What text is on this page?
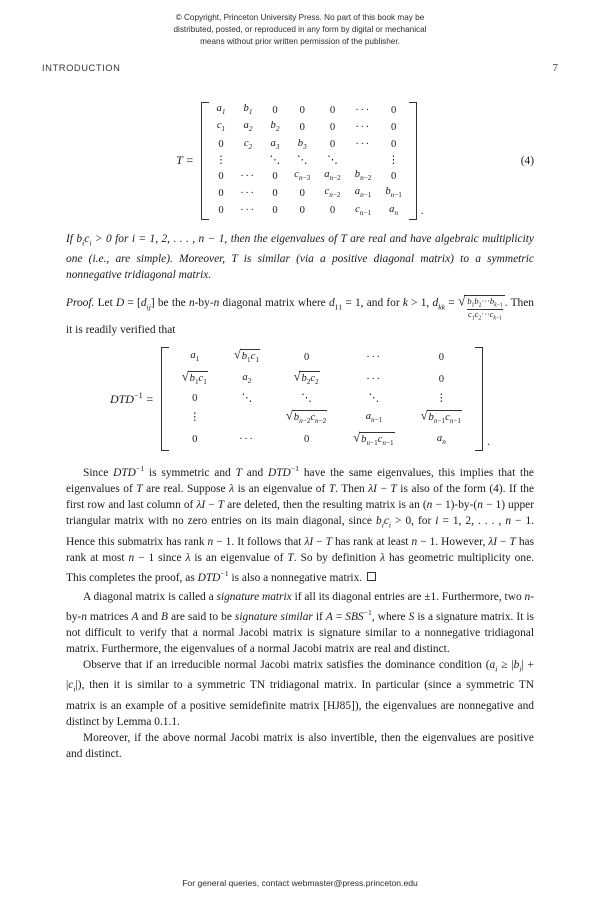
© Copyright, Princeton University Press. No part of this book may be
distributed, posted, or reproduced in any form by digital or mechanical
means without prior written permission of the publisher.
INTRODUCTION	7
T =
$a_1$	$b_1$	0	0	0	···	0
$c_1$	$a_2$	$b_2$	0	0	···	0
0	$c_2$	$a_3$	$b_3$	0	···	0
⋮		⋱	⋱	⋱		⋮
0	···	0	$c_{n-3}$	$a_{n-2}$	$b_{n-2}$	0
0	···	0	0	$c_{n-2}$	$a_{n-1}$	$b_{n-1}$
0	···	0	0	0	$c_{n-1}$	$a_n$	.
(4)

If $b_ic_i > 0$ for i = 1, 2, . . . , n − 1, then the eigenvalues of T are real and have algebraic multiplicity one (i.e., are simple). Moreover, T is similar (via a positive diagonal matrix) to a symmetric nonnegative tridiagonal matrix.

Proof. Let $D = [d_{ij}]$ be the n-by-n diagonal matrix where $d_{11} = 1$, and for k > 1, $d_{kk}$ = √ $\frac{b_1b_2\cdot\cdot\cdot b_{k-1}}{c_1c_2\cdot\cdot\cdot c_{k-1}}$ . Then it is readily verified that

$DTD^{-1}$ =
$a_1$	√ $b_1c_1$	0	···	0

√ $b_1c_1$	$a_2$	√ $b_2c_2$	···	0
0	⋱	⋱	⋱	⋮
⋮		√ $b_{n-2}c_{n-2}$	$a_{n-1}$	√ $b_{n-1}c_{n-1}$

0	···	0	√ $b_{n-1}c_{n-1}$	$a_n$	.

Since $DTD^{-1}$ is symmetric and T and $DTD^{-1}$ have the same eigenvalues, this implies that the eigenvalues of T are real. Suppose λ is an eigenvalue of T. Then λI − T is also of the form (4). If the first row and last column of λI − T are deleted, then the resulting matrix is an (n − 1)-by-(n − 1) upper triangular matrix with no zero entries on its main diagonal, since $b_ic_i > 0$, for i = 1, 2, . . . , n − 1. Hence this submatrix has rank n − 1. It follows that λI − T has rank at least n − 1. However, λI − T has rank at most n − 1 since λ is an eigenvalue of T. So by definition λ has geometric multiplicity one. This completes the proof, as $DTD^{-1}$ is also a nonnegative matrix.

A diagonal matrix is called a signature matrix if all its diagonal entries are ±1. Furthermore, two n-by-n matrices A and B are said to be signature similar if $A = SBS^{-1}$, where S is a signature matrix. It is not difficult to verify that a normal Jacobi matrix is signature similar to a nonnegative tridiagonal matrix. Furthermore, the eigenvalues of a normal Jacobi matrix are real and distinct.

Observe that if an irreducible normal Jacobi matrix satisfies the dominance condition $(a_i \ge |b_i| + |c_i|)$, then it is similar to a symmetric TN tridiagonal matrix. In particular (since a symmetric TN matrix is an example of a positive semidefinite matrix [HJ85]), the eigenvalues are nonnegative and distinct by Lemma 0.1.1.

Moreover, if the above normal Jacobi matrix is also invertible, then the eigenvalues are positive and distinct.

For general queries, contact webmaster@press.princeton.edu
